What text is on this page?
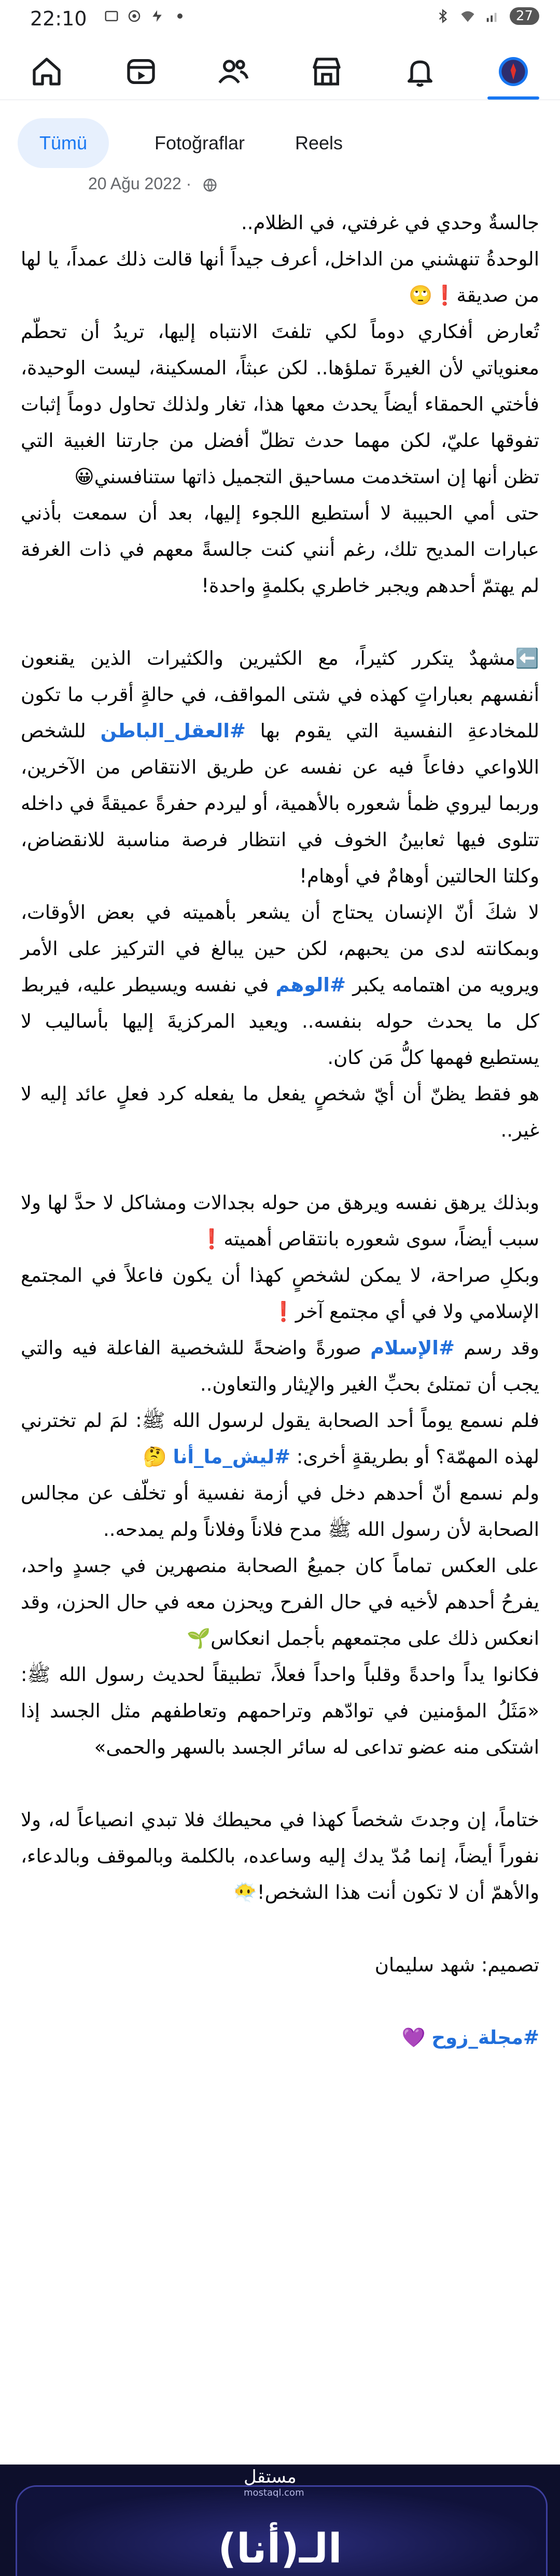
22:10	27
Tümü	Fotoğraflar	Reels
20 Ağu 2022 ·

جالسةٌ وحدي في غرفتي، في الظلام..

الوحدةُ تنهشني من الداخل، أعرف جيداً أنها قالت ذلك عمداً، يا لها من صديقة❗🙄

تُعارض أفكاري دوماً لكي تلفتَ الانتباه إليها، تريدُ أن تحطّم معنوياتي لأن الغيرةَ تملؤها.. لكن عبثاً، المسكينة، ليست الوحيدة، فأختي الحمقاء أيضاً يحدث معها هذا، تغار ولذلك تحاول دوماً إثبات تفوقها عليّ، لكن مهما حدث تظلّ أفضل من جارتنا الغبية التي تظن أنها إن استخدمت مساحيق التجميل ذاتها ستنافسني😀

حتى أمي الحبيبة لا أستطيع اللجوء إليها، بعد أن سمعت بأذني عبارات المديح تلك، رغم أنني كنت جالسةً معهم في ذات الغرفة لم يهتمّ أحدهم ويجبر خاطري بكلمةٍ واحدة!

⬅️مشهدٌ يتكرر كثيراً، مع الكثيرين والكثيرات الذين يقنعون أنفسهم بعباراتٍ كهذه في شتى المواقف، في حالةٍ أقرب ما تكون للمخادعةِ النفسية التي يقوم بها #العقل_الباطن للشخص اللاواعي دفاعاً فيه عن نفسه عن طريق الانتقاص من الآخرين، وربما ليروي ظمأ شعوره بالأهمية، أو ليردم حفرةً عميقةً في داخله تتلوى فيها ثعابينُ الخوف في انتظار فرصة مناسبة للانقضاض، وكلتا الحالتين أوهامٌ في أوهام!

لا شكَ أنّ الإنسان يحتاج أن يشعر بأهميته في بعض الأوقات، وبمكانته لدى من يحبهم، لكن حين يبالغ في التركيز على الأمر ويرويه من اهتمامه يكبر #الوهم في نفسه ويسيطر عليه، فيربط كل ما يحدث حوله بنفسه.. ويعيد المركزيةَ إليها بأساليب لا يستطيع فهمها كلُّ مَن كان.

هو فقط يظنّ أن أيّ شخصٍ يفعل ما يفعله كرد فعلٍ عائد إليه لا غير..

وبذلك يرهق نفسه ويرهق من حوله بجدالات ومشاكل لا حدَّ لها ولا سبب أيضاً، سوى شعوره بانتقاص أهميته❗

وبكلِ صراحة، لا يمكن لشخصٍ كهذا أن يكون فاعلاً في المجتمع الإسلامي ولا في أي مجتمع آخر❗

وقد رسم #الإسلام صورةً واضحةً للشخصية الفاعلة فيه والتي يجب أن تمتلئ بحبِّ الغير والإيثار والتعاون..

فلم نسمع يوماً أحد الصحابة يقول لرسول الله ﷺ: لمَ لم تخترني لهذه المهمّة؟ أو بطريقةٍ أخرى: #ليش_ما_أنا 🤔

ولم نسمع أنّ أحدهم دخل في أزمة نفسية أو تخلّف عن مجالس الصحابة لأن رسول الله ﷺ مدح فلاناً وفلاناً ولم يمدحه..

على العكس تماماً كان جميعُ الصحابة منصهرين في جسدٍ واحد، يفرحُ أحدهم لأخيه في حال الفرح ويحزن معه في حال الحزن، وقد انعكس ذلك على مجتمعهم بأجمل انعكاس🌱

فكانوا يداً واحدةً وقلباً واحداً فعلاً، تطبيقاً لحديث رسول الله ﷺ: «مَثَلُ المؤمنين في توادّهم وتراحمهم وتعاطفهم مثل الجسد إذا اشتكى منه عضو تداعى له سائر الجسد بالسهر والحمى»

ختاماً، إن وجدتَ شخصاً كهذا في محيطك فلا تبدي انصياعاً له، ولا نفوراً أيضاً، إنما مُدّ يدك إليه وساعده، بالكلمة وبالموقف وبالدعاء، والأهمّ أن لا تكون أنت هذا الشخص!😶‍🌫️

تصميم: شهد سليمان

#مجلة_زوح 💜

مستقل
mostaql.com
الـ(أنا)
